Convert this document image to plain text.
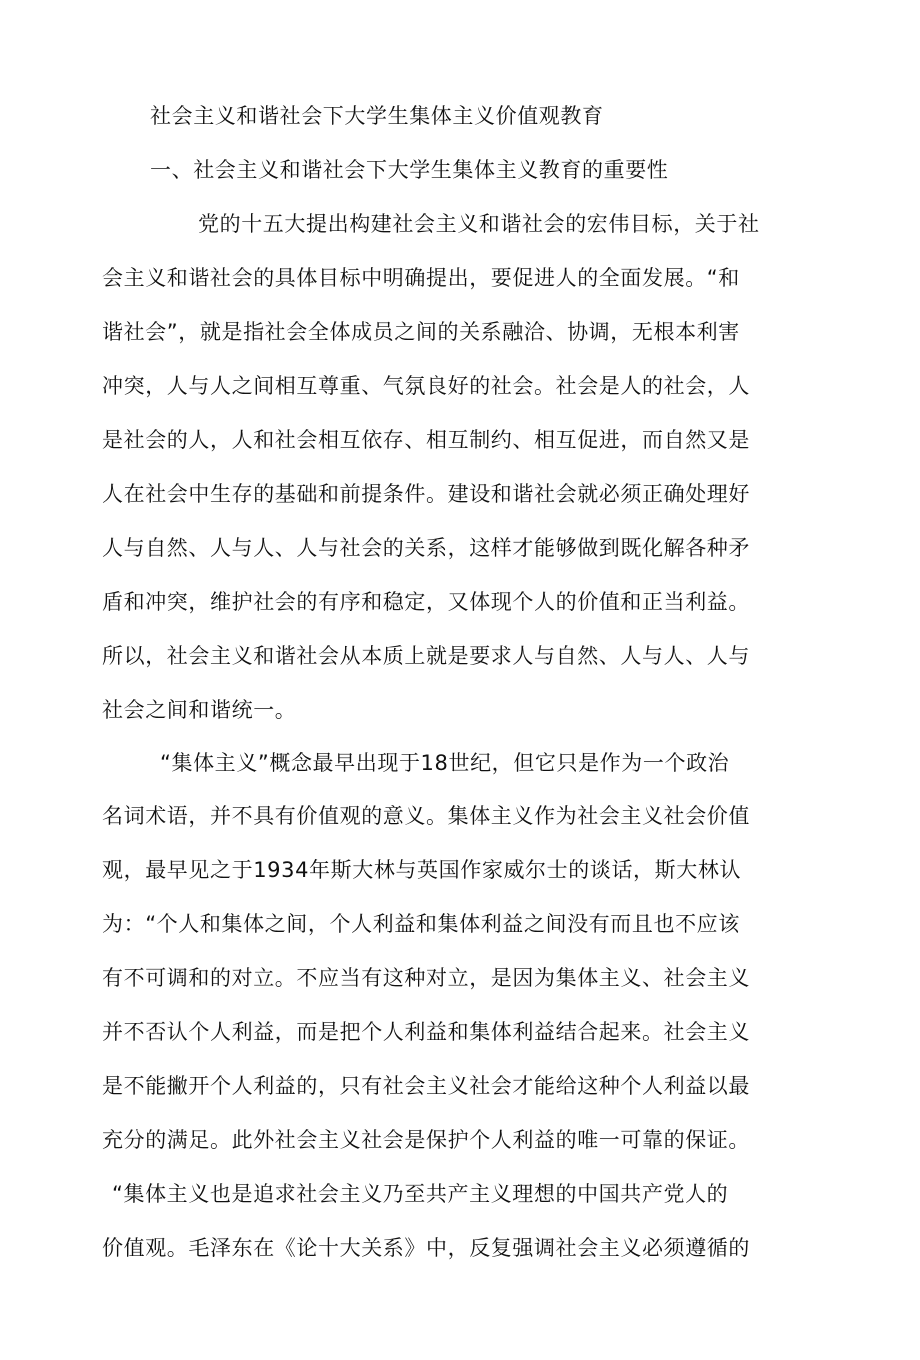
社会主义和谐社会下大学生集体主义价值观教育
一、社会主义和谐社会下大学生集体主义教育的重要性
党的十五大提出构建社会主义和谐社会的宏伟目标，关于社
会主义和谐社会的具体目标中明确提出，要促进人的全面发展。“和
谐社会”，就是指社会全体成员之间的关系融洽、协调，无根本利害
冲突，人与人之间相互尊重、气氛良好的社会。社会是人的社会，人
是社会的人，人和社会相互依存、相互制约、相互促进，而自然又是
人在社会中生存的基础和前提条件。建设和谐社会就必须正确处理好
人与自然、人与人、人与社会的关系，这样才能够做到既化解各种矛
盾和冲突，维护社会的有序和稳定，又体现个人的价值和正当利益。
所以，社会主义和谐社会从本质上就是要求人与自然、人与人、人与
社会之间和谐统一。
“集体主义”概念最早出现于18世纪，但它只是作为一个政治
名词术语，并不具有价值观的意义。集体主义作为社会主义社会价值
观，最早见之于1934年斯大林与英国作家威尔士的谈话，斯大林认
为：“个人和集体之间，个人利益和集体利益之间没有而且也不应该
有不可调和的对立。不应当有这种对立，是因为集体主义、社会主义
并不否认个人利益，而是把个人利益和集体利益结合起来。社会主义
是不能撇开个人利益的，只有社会主义社会才能给这种个人利益以最
充分的满足。此外社会主义社会是保护个人利益的唯一可靠的保证。
“集体主义也是追求社会主义乃至共产主义理想的中国共产党人的
价值观。毛泽东在《论十大关系》中，反复强调社会主义必须遵循的
